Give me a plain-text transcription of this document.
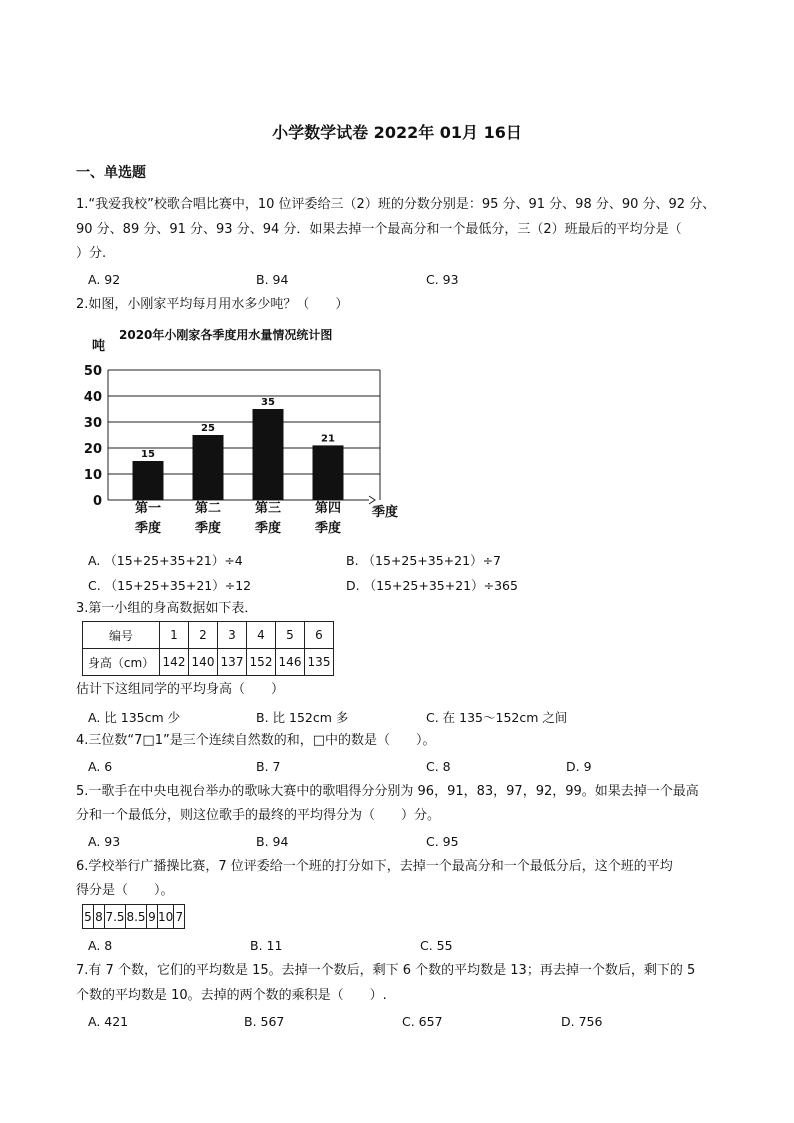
小学数学试卷 2022年 01月 16日
一、单选题
1.“我爱我校”校歌合唱比赛中，10 位评委给三（2）班的分数分别是：95 分、91 分、98 分、90 分、92 分、
90 分、89 分、91 分、93 分、94 分．如果去掉一个最高分和一个最低分，三（2）班最后的平均分是（
）分.
A. 92	B. 94	C. 93
2.如图，小刚家平均每月用水多少吨？（　　）
2020年小刚家各季度用水量情况统计图
吨
季度
0
10
20
30
40
50
15
25
35
21
第一
季度
第二
季度
第三
季度
第四
季度
A. （15+25+35+21）÷4	B. （15+25+35+21）÷7
C. （15+25+35+21）÷12	D. （15+25+35+21）÷365
3.第一小组的身高数据如下表．
编号	1	2	3	4	5	6
身高（cm）	142	140	137	152	146	135
估计下这组同学的平均身高（　　）
A. 比 135cm 少	B. 比 152cm 多	C. 在 135～152cm 之间
4.三位数“7□1”是三个连续自然数的和，□中的数是（　　）。
A. 6	B. 7	C. 8	D. 9
5.一歌手在中央电视台举办的歌咏大赛中的歌唱得分分别为 96，91，83，97，92，99。如果去掉一个最高
分和一个最低分，则这位歌手的最终的平均得分为（　　）分。
A. 93	B. 94	C. 95
6.学校举行广播操比赛，7 位评委给一个班的打分如下，去掉一个最高分和一个最低分后，这个班的平均
得分是（　　）。
5	8	7.5	8.5	9	10	7
A. 8	B. 11	C. 55
7.有 7 个数，它们的平均数是 15。去掉一个数后，剩下 6 个数的平均数是 13；再去掉一个数后，剩下的 5
个数的平均数是 10。去掉的两个数的乘积是（　　）.
A. 421	B. 567	C. 657	D. 756
